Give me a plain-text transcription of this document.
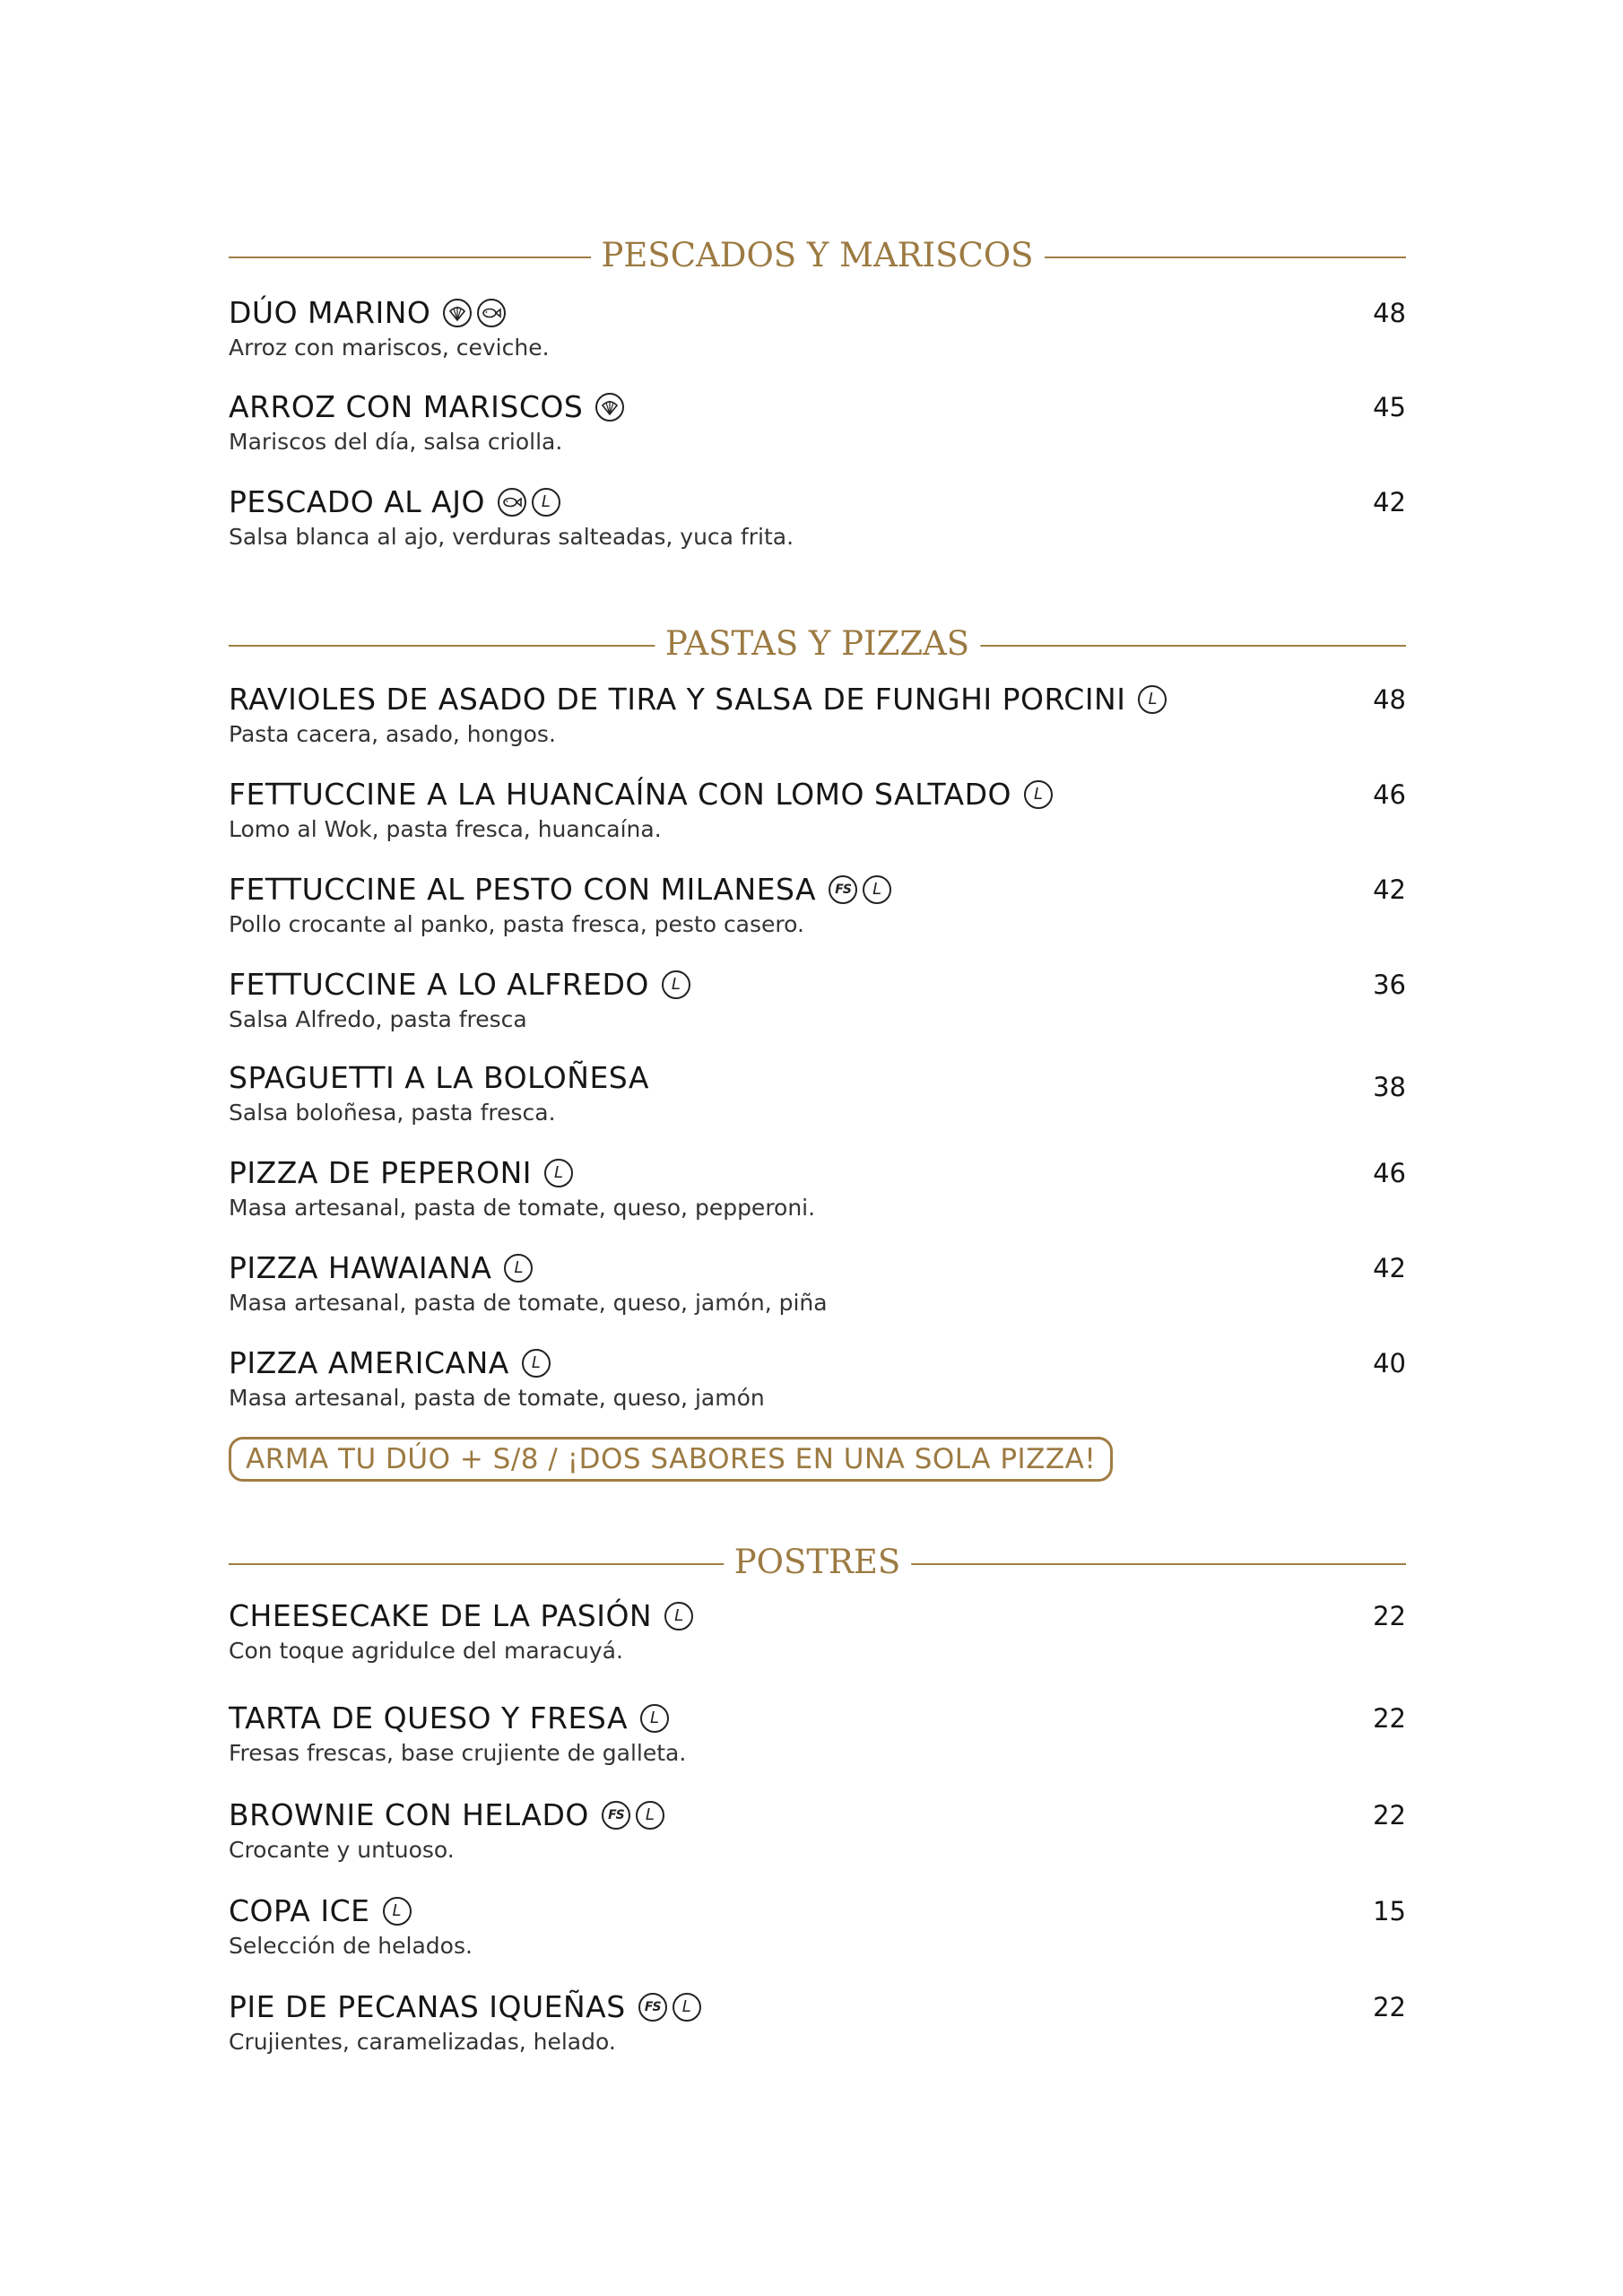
PESCADOS Y MARISCOS
DÚO MARINO
Arroz con mariscos, ceviche.
48
ARROZ CON MARISCOS
Mariscos del día, salsa criolla.
45
PESCADO AL AJO	L
Salsa blanca al ajo, verduras salteadas, yuca frita.
42
PASTAS Y PIZZAS
RAVIOLES DE ASADO DE TIRA Y SALSA DE FUNGHI PORCINI	L
Pasta cacera, asado, hongos.
48
FETTUCCINE A LA HUANCAÍNA CON LOMO SALTADO	L
Lomo al Wok, pasta fresca, huancaína.
46
FETTUCCINE AL PESTO CON MILANESA	FS	L
Pollo crocante al panko, pasta fresca, pesto casero.
42
FETTUCCINE A LO ALFREDO	L
Salsa Alfredo, pasta fresca
36
SPAGUETTI A LA BOLOÑESA
Salsa boloñesa, pasta fresca.
38
PIZZA DE PEPERONI	L
Masa artesanal, pasta de tomate, queso, pepperoni.
46
PIZZA HAWAIANA	L
Masa artesanal, pasta de tomate, queso, jamón, piña
42
PIZZA AMERICANA	L
Masa artesanal, pasta de tomate, queso, jamón
40
ARMA TU DÚO + S/8 / ¡DOS SABORES EN UNA SOLA PIZZA!
POSTRES
CHEESECAKE DE LA PASIÓN	L
Con toque agridulce del maracuyá.
22
TARTA DE QUESO Y FRESA	L
Fresas frescas, base crujiente de galleta.
22
BROWNIE CON HELADO	FS	L
Crocante y untuoso.
22
COPA ICE	L
Selección de helados.
15
PIE DE PECANAS IQUEÑAS	FS	L
Crujientes, caramelizadas, helado.
22
